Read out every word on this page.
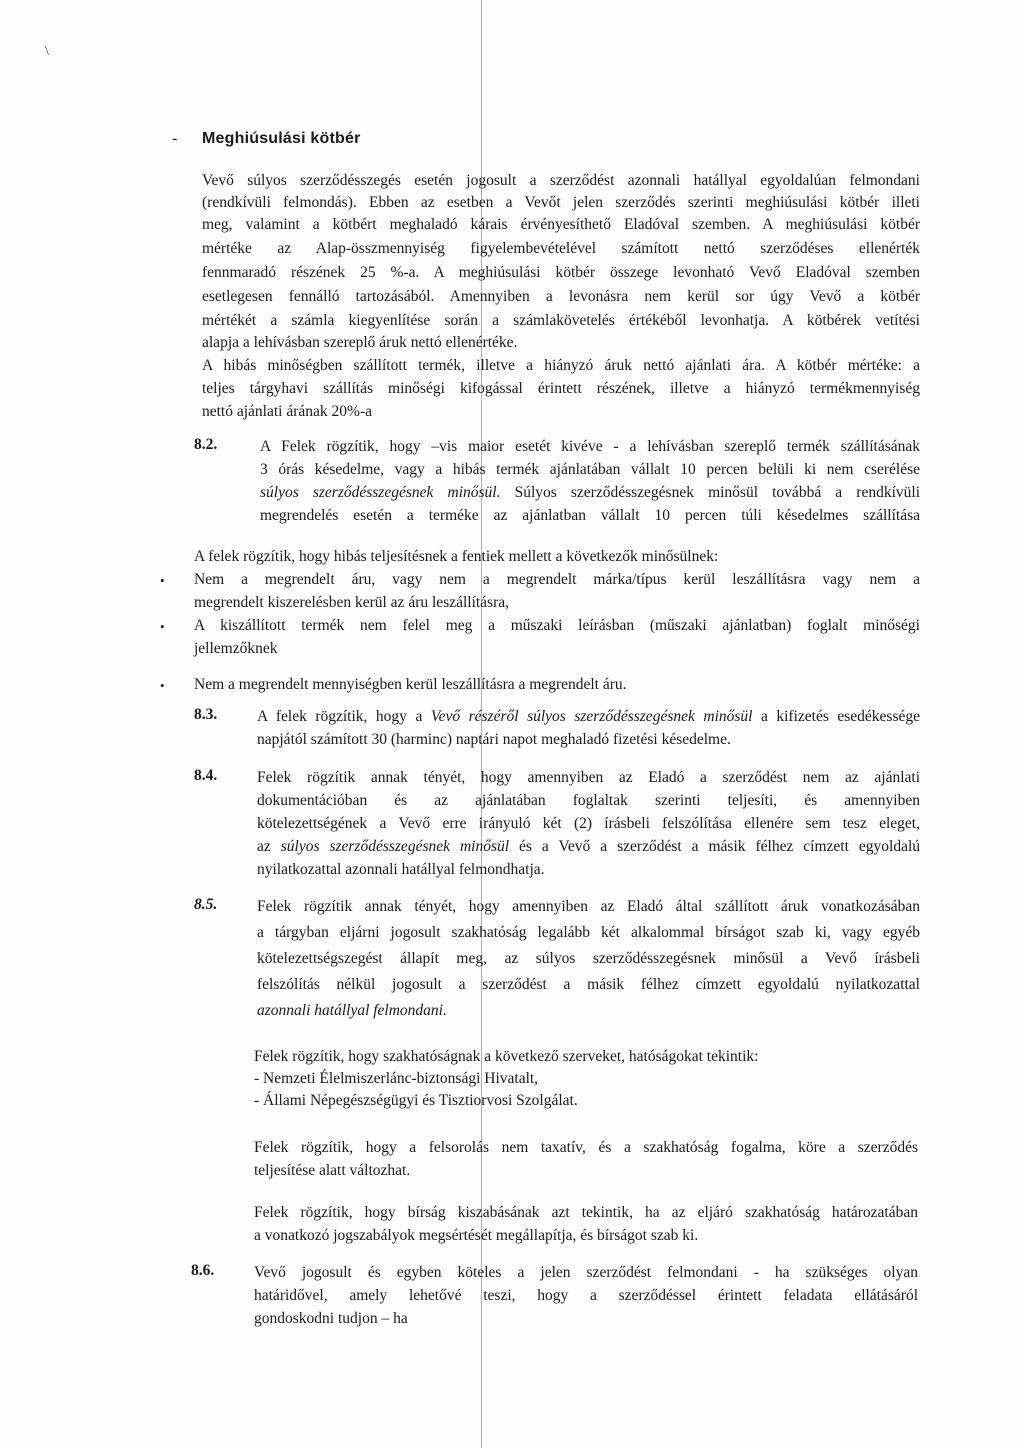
\
- Meghiúsulási kötbér
Vevő súlyos szerződésszegés esetén jogosult a szerződést azonnali hatállyal egyoldalúan felmondani
(rendkívüli felmondás). Ebben az esetben a Vevőt jelen szerződés szerinti meghiúsulási kötbér illeti
meg, valamint a kötbért meghaladó kárais érvényesíthető Eladóval szemben. A meghiúsulási kötbér
mértéke az Alap-összmennyiség figyelembevételével számított nettó szerződéses ellenérték
fennmaradó részének 25 %-a. A meghiúsulási kötbér összege levonható Vevő Eladóval szemben
esetlegesen fennálló tartozásából. Amennyiben a levonásra nem kerül sor úgy Vevő a kötbér
mértékét a számla kiegyenlítése során a számlakövetelés értékéből levonhatja. A kötbérek vetítési
alapja a lehívásban szereplő áruk nettó ellenértéke.
A hibás minőségben szállított termék, illetve a hiányzó áruk nettó ajánlati ára. A kötbér mértéke: a
teljes tárgyhavi szállítás minőségi kifogással érintett részének, illetve a hiányzó termékmennyiség
nettó ajánlati árának 20%-a
8.2.	A Felek rögzítik, hogy –vis maior esetét kivéve - a lehívásban szereplő termék szállításának
3 órás késedelme, vagy a hibás termék ajánlatában vállalt 10 percen belüli ki nem cserélése
súlyos szerződésszegésnek minősül. Súlyos szerződésszegésnek minősül továbbá a rendkívüli
megrendelés esetén a terméke az ajánlatban vállalt 10 percen túli késedelmes szállítása
A felek rögzítik, hogy hibás teljesítésnek a fentiek mellett a következők minősülnek:
• Nem a megrendelt áru, vagy nem a megrendelt márka/típus kerül leszállításra vagy nem a
megrendelt kiszerelésben kerül az áru leszállításra,
• A kiszállított termék nem felel meg a műszaki leírásban (műszaki ajánlatban) foglalt minőségi
jellemzőknek
• Nem a megrendelt mennyiségben kerül leszállításra a megrendelt áru.
8.3.	A felek rögzítik, hogy a Vevő részéről súlyos szerződésszegésnek minősül a kifizetés esedékessége
napjától számított 30 (harminc) naptári napot meghaladó fizetési késedelme.
8.4.	Felek rögzítik annak tényét, hogy amennyiben az Eladó a szerződést nem az ajánlati
dokumentációban és az ajánlatában foglaltak szerinti teljesíti, és amennyiben
kötelezettségének a Vevő erre irányuló két (2) írásbeli felszólítása ellenére sem tesz eleget,
az súlyos szerződésszegésnek minősül és a Vevő a szerződést a másik félhez címzett egyoldalú
nyilatkozattal azonnali hatállyal felmondhatja.
8.5.	Felek rögzítik annak tényét, hogy amennyiben az Eladó által szállított áruk vonatkozásában
a tárgyban eljárni jogosult szakhatóság legalább két alkalommal bírságot szab ki, vagy egyéb
kötelezettségszegést állapít meg, az súlyos szerződésszegésnek minősül a Vevő írásbeli
felszólítás nélkül jogosult a szerződést a másik félhez címzett egyoldalú nyilatkozattal
azonnali hatállyal felmondani.
Felek rögzítik, hogy szakhatóságnak a következő szerveket, hatóságokat tekintik:
- Nemzeti Élelmiszerlánc-biztonsági Hivatalt,
- Állami Népegészségügyi és Tisztiorvosi Szolgálat.
Felek rögzítik, hogy a felsorolás nem taxatív, és a szakhatóság fogalma, köre a szerződés
teljesítése alatt változhat.
Felek rögzítik, hogy bírság kiszabásának azt tekintik, ha az eljáró szakhatóság határozatában
a vonatkozó jogszabályok megsértését megállapítja, és bírságot szab ki.
8.6.	Vevő jogosult és egyben köteles a jelen szerződést felmondani - ha szükséges olyan
határidővel, amely lehetővé teszi, hogy a szerződéssel érintett feladata ellátásáról
gondoskodni tudjon – ha
